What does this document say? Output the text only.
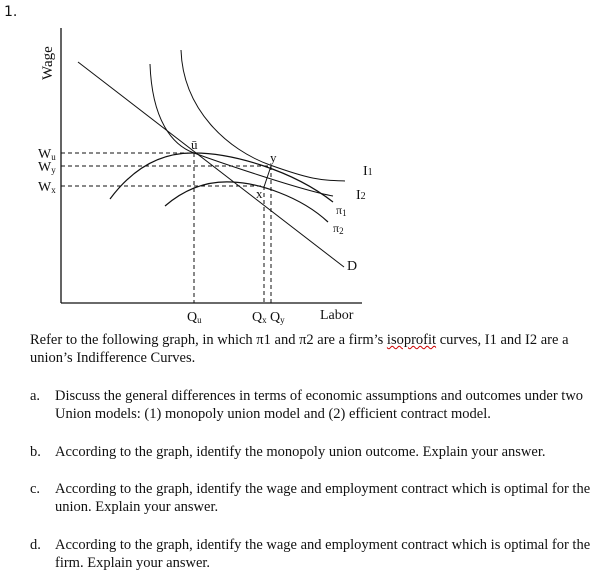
1.
Wage
Wu
Wy
Wx
Qu	Qx Qy	Labor
ū
y
x
I1
I2
π1
π2
D
Refer to the following graph, in which π1 and π2 are a firm’s isoprofit curves, I1 and I2 are a union’s Indifference Curves.
a.	Discuss the general differences in terms of economic assumptions and outcomes under two Union models: (1) monopoly union model and (2) efficient contract model.
b. According to the graph, identify the monopoly union outcome. Explain your answer.
c.	According to the graph, identify the wage and employment contract which is optimal for the union. Explain your answer.
d. According to the graph, identify the wage and employment contract which is optimal for the firm. Explain your answer.
